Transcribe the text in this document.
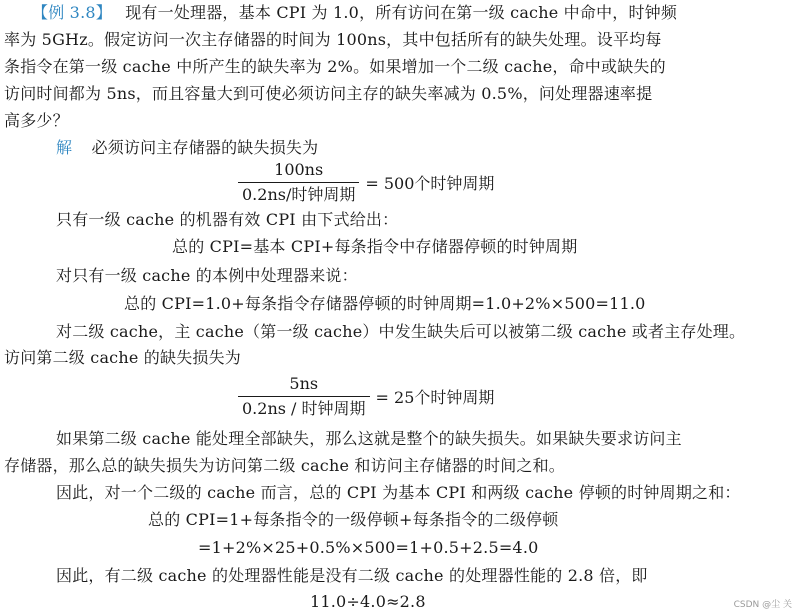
【例 3.8】 现有一处理器，基本 CPI 为 1.0，所有访问在第一级 cache 中命中，时钟频
率为 5GHz。假定访问一次主存储器的时间为 100ns，其中包括所有的缺失处理。设平均每
条指令在第一级 cache 中所产生的缺失率为 2%。如果增加一个二级 cache，命中或缺失的
访问时间都为 5ns，而且容量大到可使必须访问主存的缺失率减为 0.5%，问处理器速率提
高多少？
解 必须访问主存储器的缺失损失为
$\frac{100ns}{\text{0.2ns/时钟周期}} = 500$个时钟周期
只有一级 cache 的机器有效 CPI 由下式给出：
总的 CPI=基本 CPI+每条指令中存储器停顿的时钟周期
对只有一级 cache 的本例中处理器来说：
总的 CPI=1.0+每条指令存储器停顿的时钟周期=1.0+2%×500=11.0
对二级 cache，主 cache（第一级 cache）中发生缺失后可以被第二级 cache 或者主存处理。
访问第二级 cache 的缺失损失为
$\frac{5ns}{\text{0.2ns / 时钟周期}} = 25$个时钟周期
如果第二级 cache 能处理全部缺失，那么这就是整个的缺失损失。如果缺失要求访问主
存储器，那么总的缺失损失为访问第二级 cache 和访问主存储器的时间之和。
因此，对一个二级的 cache 而言，总的 CPI 为基本 CPI 和两级 cache 停顿的时钟周期之和：
总的 CPI=1+每条指令的一级停顿+每条指令的二级停顿
=1+2%×25+0.5%×500=1+0.5+2.5=4.0
因此，有二级 cache 的处理器性能是没有二级 cache 的处理器性能的 2.8 倍，即
11.0÷4.0≈2.8	CSDN @尘 关
